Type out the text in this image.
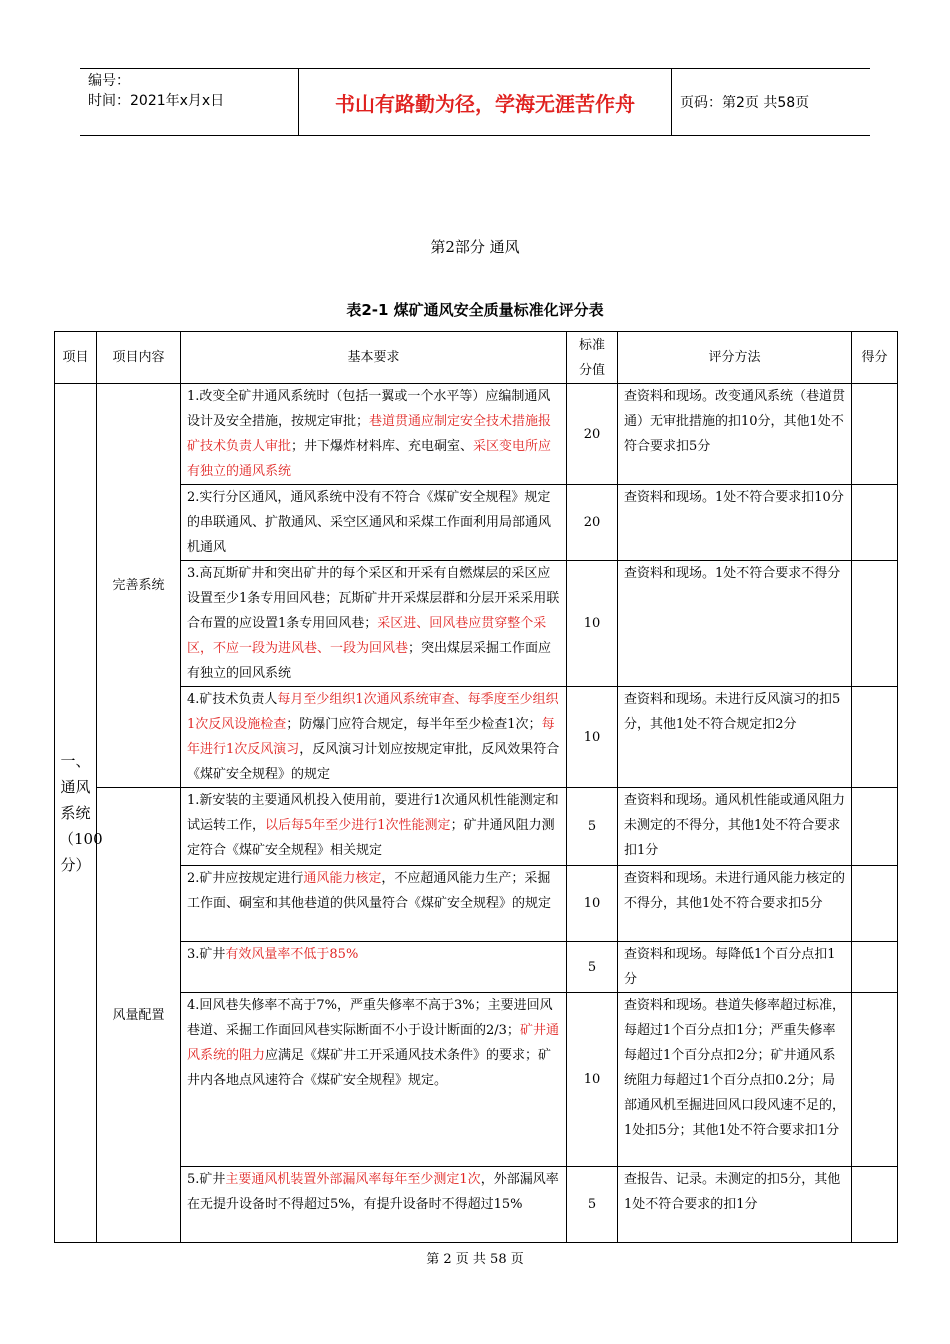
编号：
时间：2021年x月x日	书山有路勤为径，学海无涯苦作舟	页码：第2页 共58页
第2部分 通风
表2-1 煤矿通风安全质量标准化评分表
项目	项目内容	基本要求	标准分值	评分方法	得分
一、通风系统（100分）	完善系统	1.改变全矿井通风系统时（包括一翼或一个水平等）应编制通风设计及安全措施，按规定审批；巷道贯通应制定安全技术措施报矿技术负责人审批；井下爆炸材料库、充电硐室、采区变电所应有独立的通风系统	20	查资料和现场。改变通风系统（巷道贯通）无审批措施的扣10分，其他1处不符合要求扣5分	
		2.实行分区通风，通风系统中没有不符合《煤矿安全规程》规定的串联通风、扩散通风、采空区通风和采煤工作面利用局部通风机通风	20	查资料和现场。1处不符合要求扣10分	
		3.高瓦斯矿井和突出矿井的每个采区和开采有自燃煤层的采区应设置至少1条专用回风巷；瓦斯矿井开采煤层群和分层开采采用联合布置的应设置1条专用回风巷；采区进、回风巷应贯穿整个采区，不应一段为进风巷、一段为回风巷；突出煤层采掘工作面应有独立的回风系统	10	查资料和现场。1处不符合要求不得分	
		4.矿技术负责人每月至少组织1次通风系统审查、每季度至少组织1次反风设施检查；防爆门应符合规定，每半年至少检查1次；每年进行1次反风演习，反风演习计划应按规定审批，反风效果符合《煤矿安全规程》的规定	10	查资料和现场。未进行反风演习的扣5分，其他1处不符合规定扣2分	
	风量配置	1.新安装的主要通风机投入使用前，要进行1次通风机性能测定和试运转工作，以后每5年至少进行1次性能测定；矿井通风阻力测定符合《煤矿安全规程》相关规定	5	查资料和现场。通风机性能或通风阻力未测定的不得分，其他1处不符合要求扣1分	
		2.矿井应按规定进行通风能力核定，不应超通风能力生产；采掘工作面、硐室和其他巷道的供风量符合《煤矿安全规程》的规定	10	查资料和现场。未进行通风能力核定的不得分，其他1处不符合要求扣5分	
		3.矿井有效风量率不低于85%	5	查资料和现场。每降低1个百分点扣1分	
		4.回风巷失修率不高于7%，严重失修率不高于3%；主要进回风巷道、采掘工作面回风巷实际断面不小于设计断面的2/3；矿井通风系统的阻力应满足《煤矿井工开采通风技术条件》的要求；矿井内各地点风速符合《煤矿安全规程》规定。	10	查资料和现场。巷道失修率超过标准，每超过1个百分点扣1分；严重失修率每超过1个百分点扣2分；矿井通风系统阻力每超过1个百分点扣0.2分；局部通风机至掘进回风口段风速不足的，1处扣5分；其他1处不符合要求扣1分	
		5.矿井主要通风机装置外部漏风率每年至少测定1次，外部漏风率在无提升设备时不得超过5%，有提升设备时不得超过15%	5	查报告、记录。未测定的扣5分，其他1处不符合要求的扣1分	
第 2 页 共 58 页
